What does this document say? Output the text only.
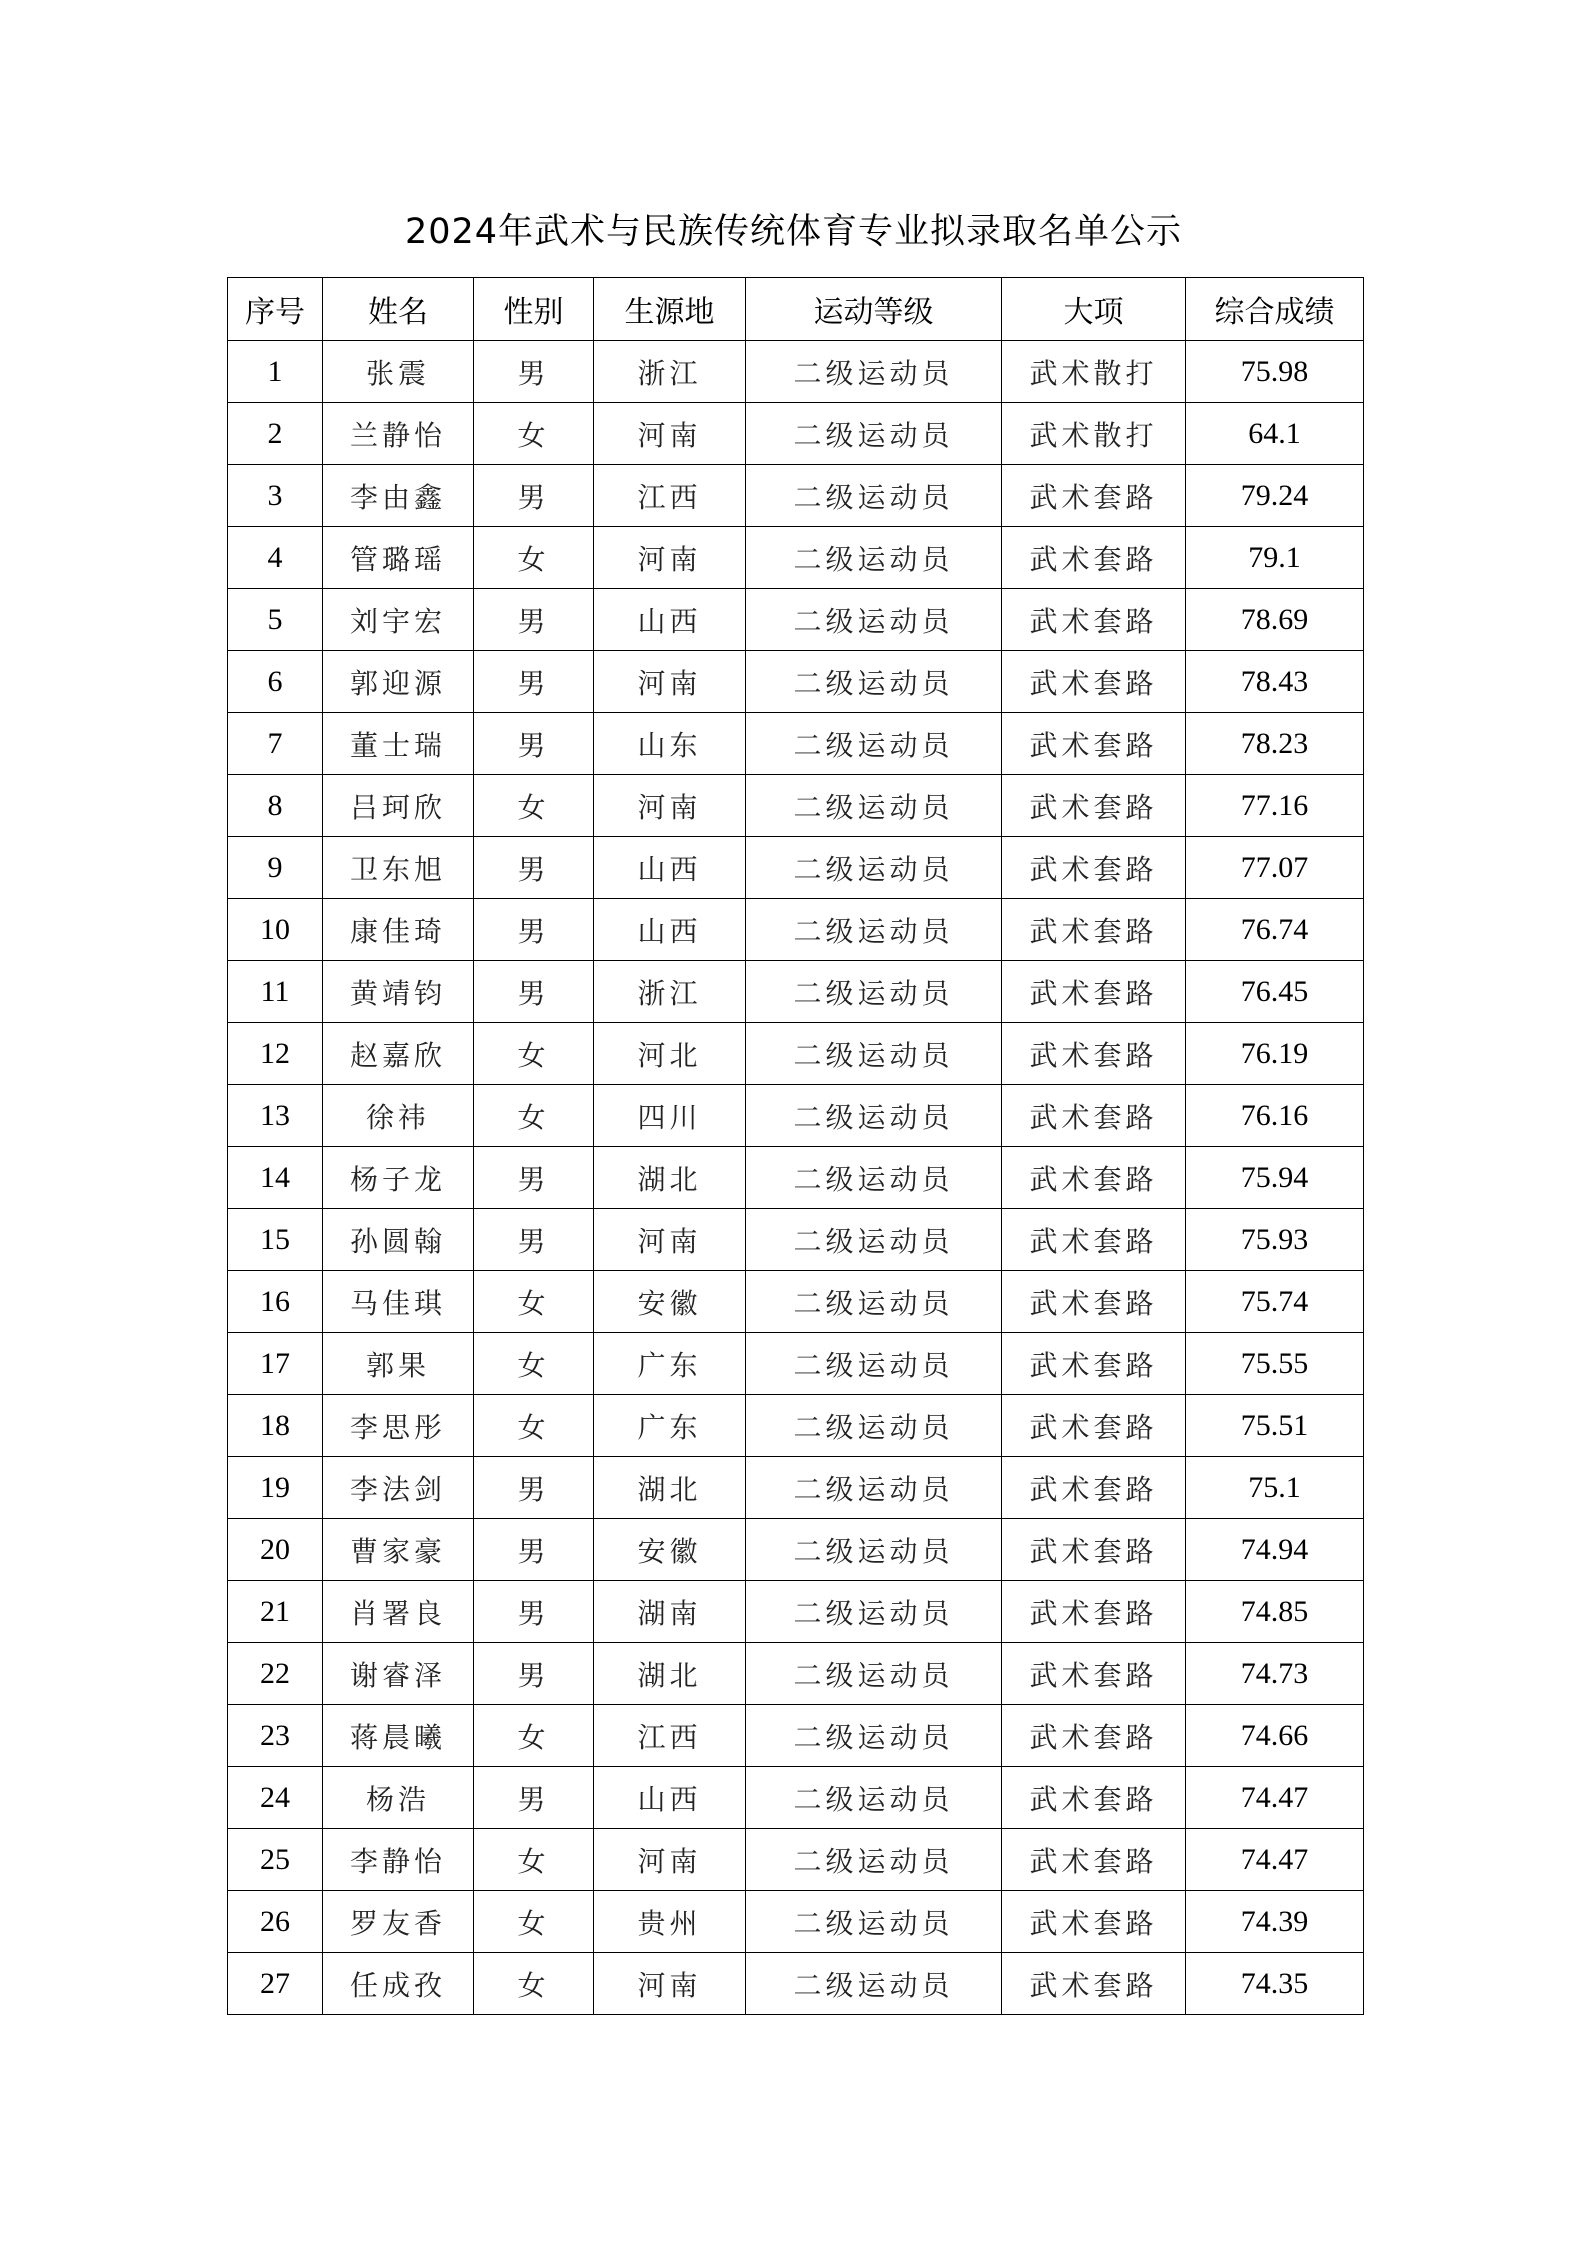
2024年武术与民族传统体育专业拟录取名单公示
序号	姓名	性别	生源地	运动等级	大项	综合成绩
1	张震	男	浙江	二级运动员	武术散打	75.98
2	兰静怡	女	河南	二级运动员	武术散打	64.1
3	李由鑫	男	江西	二级运动员	武术套路	79.24
4	管璐瑶	女	河南	二级运动员	武术套路	79.1
5	刘宇宏	男	山西	二级运动员	武术套路	78.69
6	郭迎源	男	河南	二级运动员	武术套路	78.43
7	董士瑞	男	山东	二级运动员	武术套路	78.23
8	吕珂欣	女	河南	二级运动员	武术套路	77.16
9	卫东旭	男	山西	二级运动员	武术套路	77.07
10	康佳琦	男	山西	二级运动员	武术套路	76.74
11	黄靖钧	男	浙江	二级运动员	武术套路	76.45
12	赵嘉欣	女	河北	二级运动员	武术套路	76.19
13	徐祎	女	四川	二级运动员	武术套路	76.16
14	杨子龙	男	湖北	二级运动员	武术套路	75.94
15	孙圆翰	男	河南	二级运动员	武术套路	75.93
16	马佳琪	女	安徽	二级运动员	武术套路	75.74
17	郭果	女	广东	二级运动员	武术套路	75.55
18	李思彤	女	广东	二级运动员	武术套路	75.51
19	李法剑	男	湖北	二级运动员	武术套路	75.1
20	曹家豪	男	安徽	二级运动员	武术套路	74.94
21	肖署良	男	湖南	二级运动员	武术套路	74.85
22	谢睿泽	男	湖北	二级运动员	武术套路	74.73
23	蒋晨曦	女	江西	二级运动员	武术套路	74.66
24	杨浩	男	山西	二级运动员	武术套路	74.47
25	李静怡	女	河南	二级运动员	武术套路	74.47
26	罗友香	女	贵州	二级运动员	武术套路	74.39
27	任成孜	女	河南	二级运动员	武术套路	74.35
